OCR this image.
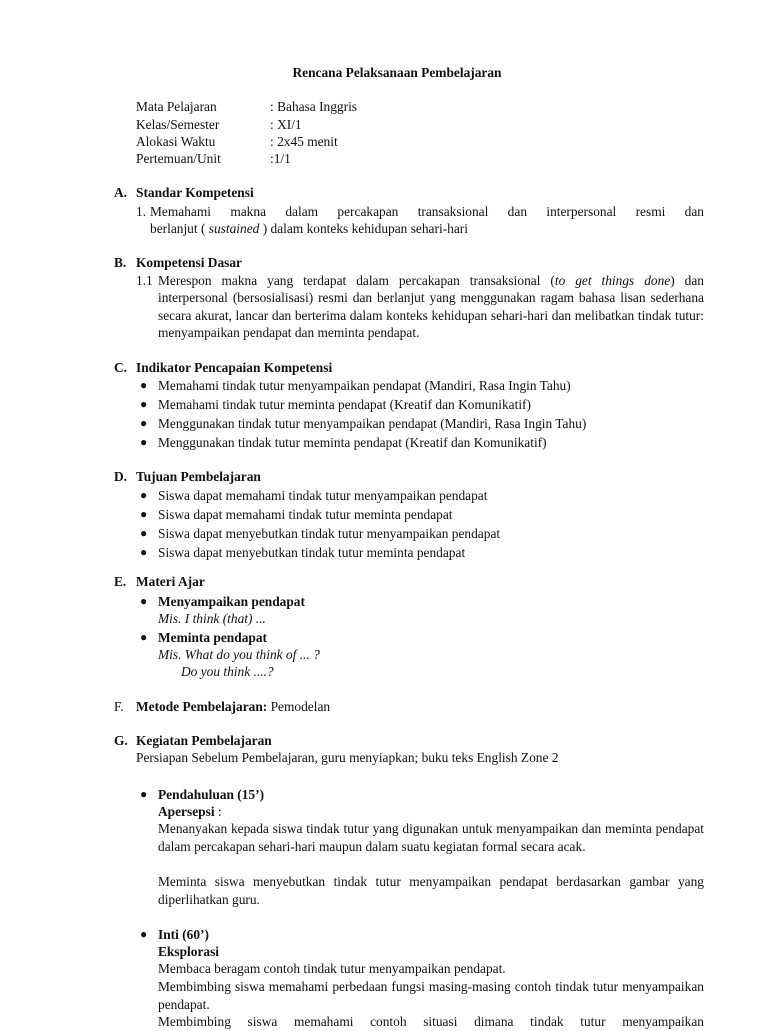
Rencana Pelaksanaan Pembelajaran
Mata Pelajaran	: Bahasa Inggris
Kelas/Semester	: XI/1
Alokasi Waktu	: 2x45 menit
Pertemuan/Unit	:1/1
A. Standar Kompetensi
1. Memahami makna dalam percakapan transaksional dan interpersonal resmi dan
berlanjut ( sustained ) dalam konteks kehidupan sehari-hari
B. Kompetensi Dasar
1.1 Merespon makna yang terdapat dalam percakapan transaksional (to get things done) dan
interpersonal (bersosialisasi) resmi dan berlanjut yang menggunakan ragam bahasa lisan sederhana secara akurat, lancar dan berterima dalam konteks kehidupan sehari-hari dan melibatkan tindak tutur: menyampaikan pendapat dan meminta pendapat.
C. Indikator Pencapaian Kompetensi
● Memahami tindak tutur menyampaikan pendapat (Mandiri, Rasa Ingin Tahu)
● Memahami tindak tutur meminta pendapat (Kreatif dan Komunikatif)
● Menggunakan tindak tutur menyampaikan pendapat (Mandiri, Rasa Ingin Tahu)
● Menggunakan tindak tutur meminta pendapat (Kreatif dan Komunikatif)
D. Tujuan Pembelajaran
● Siswa dapat memahami tindak tutur menyampaikan pendapat
● Siswa dapat memahami tindak tutur meminta pendapat
● Siswa dapat menyebutkan tindak tutur menyampaikan pendapat
● Siswa dapat menyebutkan tindak tutur meminta pendapat
E. Materi Ajar
● Menyampaikan pendapat
Mis. I think (that) ...
● Meminta pendapat
Mis. What do you think of ... ?
Do you think ....?
F. Metode Pembelajaran: Pemodelan
G. Kegiatan Pembelajaran
Persiapan Sebelum Pembelajaran, guru menyiapkan; buku teks English Zone 2
● Pendahuluan (15’)
Apersepsi :
Menanyakan kepada siswa tindak tutur yang digunakan untuk menyampaikan dan meminta pendapat dalam percakapan sehari-hari maupun dalam suatu kegiatan formal secara acak.
Meminta siswa menyebutkan tindak tutur menyampaikan pendapat berdasarkan gambar yang diperlihatkan guru.
● Inti (60’)
Eksplorasi
Membaca beragam contoh tindak tutur menyampaikan pendapat.
Membimbing siswa memahami perbedaan fungsi masing-masing contoh tindak tutur menyampaikan pendapat.
Membimbing siswa memahami contoh situasi dimana tindak tutur menyampaikan
